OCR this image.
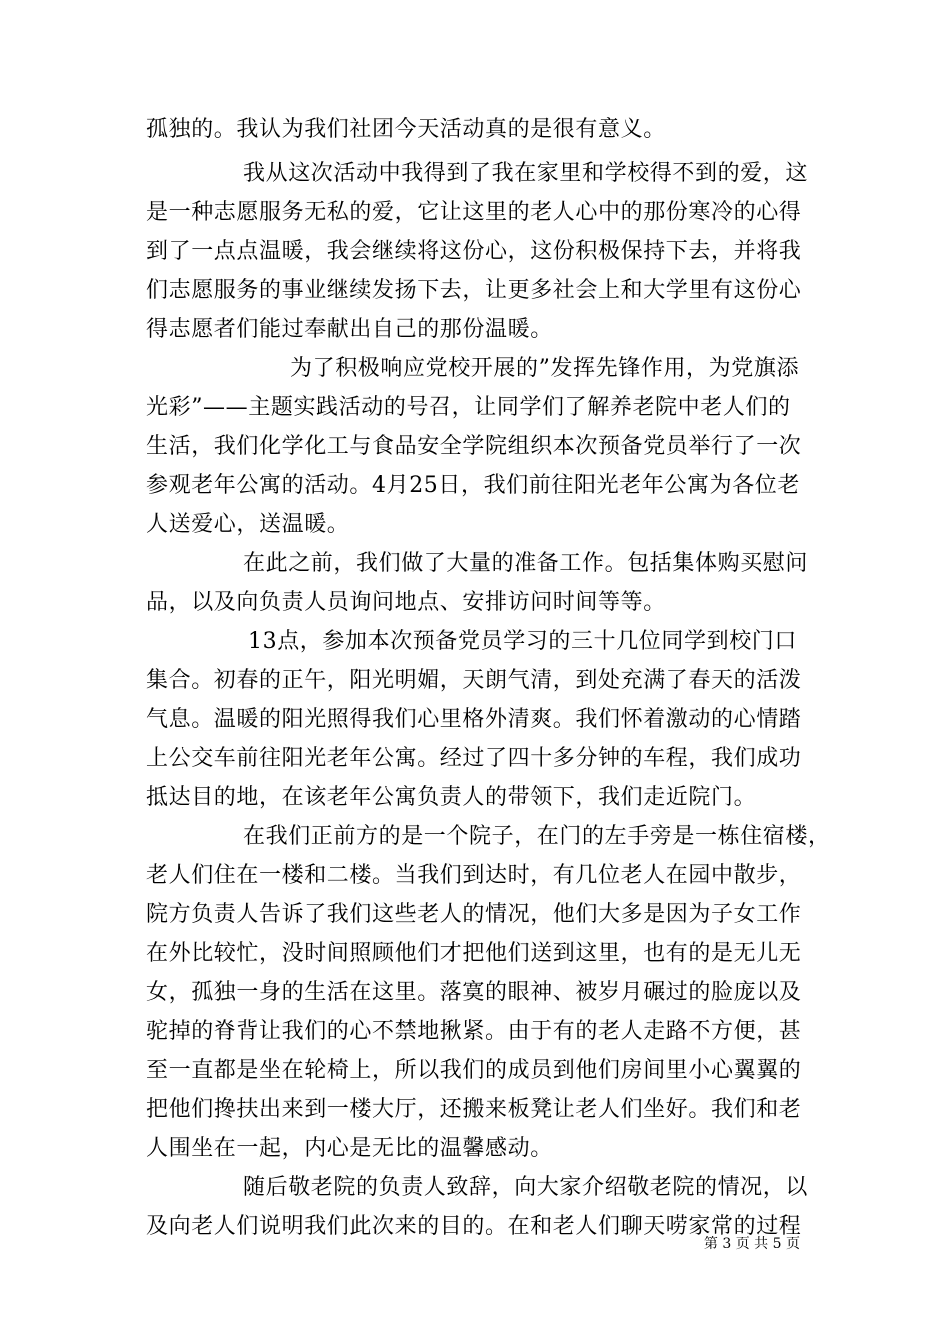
孤独的。我认为我们社团今天活动真的是很有意义。
我从这次活动中我得到了我在家里和学校得不到的爱，这
是一种志愿服务无私的爱，它让这里的老人心中的那份寒冷的心得
到了一点点温暖，我会继续将这份心，这份积极保持下去，并将我
们志愿服务的事业继续发扬下去，让更多社会上和大学里有这份心
得志愿者们能过奉献出自己的那份温暖。
为了积极响应党校开展的”发挥先锋作用，为党旗添
光彩”——主题实践活动的号召，让同学们了解养老院中老人们的
生活，我们化学化工与食品安全学院组织本次预备党员举行了一次
参观老年公寓的活动。4月25日，我们前往阳光老年公寓为各位老
人送爱心，送温暖。
在此之前，我们做了大量的准备工作。包括集体购买慰问
品，以及向负责人员询问地点、安排访问时间等等。
13点，参加本次预备党员学习的三十几位同学到校门口
集合。初春的正午，阳光明媚，天朗气清，到处充满了春天的活泼
气息。温暖的阳光照得我们心里格外清爽。我们怀着激动的心情踏
上公交车前往阳光老年公寓。经过了四十多分钟的车程，我们成功
抵达目的地，在该老年公寓负责人的带领下，我们走近院门。
在我们正前方的是一个院子，在门的左手旁是一栋住宿楼，
老人们住在一楼和二楼。当我们到达时，有几位老人在园中散步，
院方负责人告诉了我们这些老人的情况，他们大多是因为子女工作
在外比较忙，没时间照顾他们才把他们送到这里，也有的是无儿无
女，孤独一身的生活在这里。落寞的眼神、被岁月碾过的脸庞以及
驼掉的脊背让我们的心不禁地揪紧。由于有的老人走路不方便，甚
至一直都是坐在轮椅上，所以我们的成员到他们房间里小心翼翼的
把他们搀扶出来到一楼大厅，还搬来板凳让老人们坐好。我们和老
人围坐在一起，内心是无比的温馨感动。
随后敬老院的负责人致辞，向大家介绍敬老院的情况，以
及向老人们说明我们此次来的目的。在和老人们聊天唠家常的过程
第 3 页 共 5 页
